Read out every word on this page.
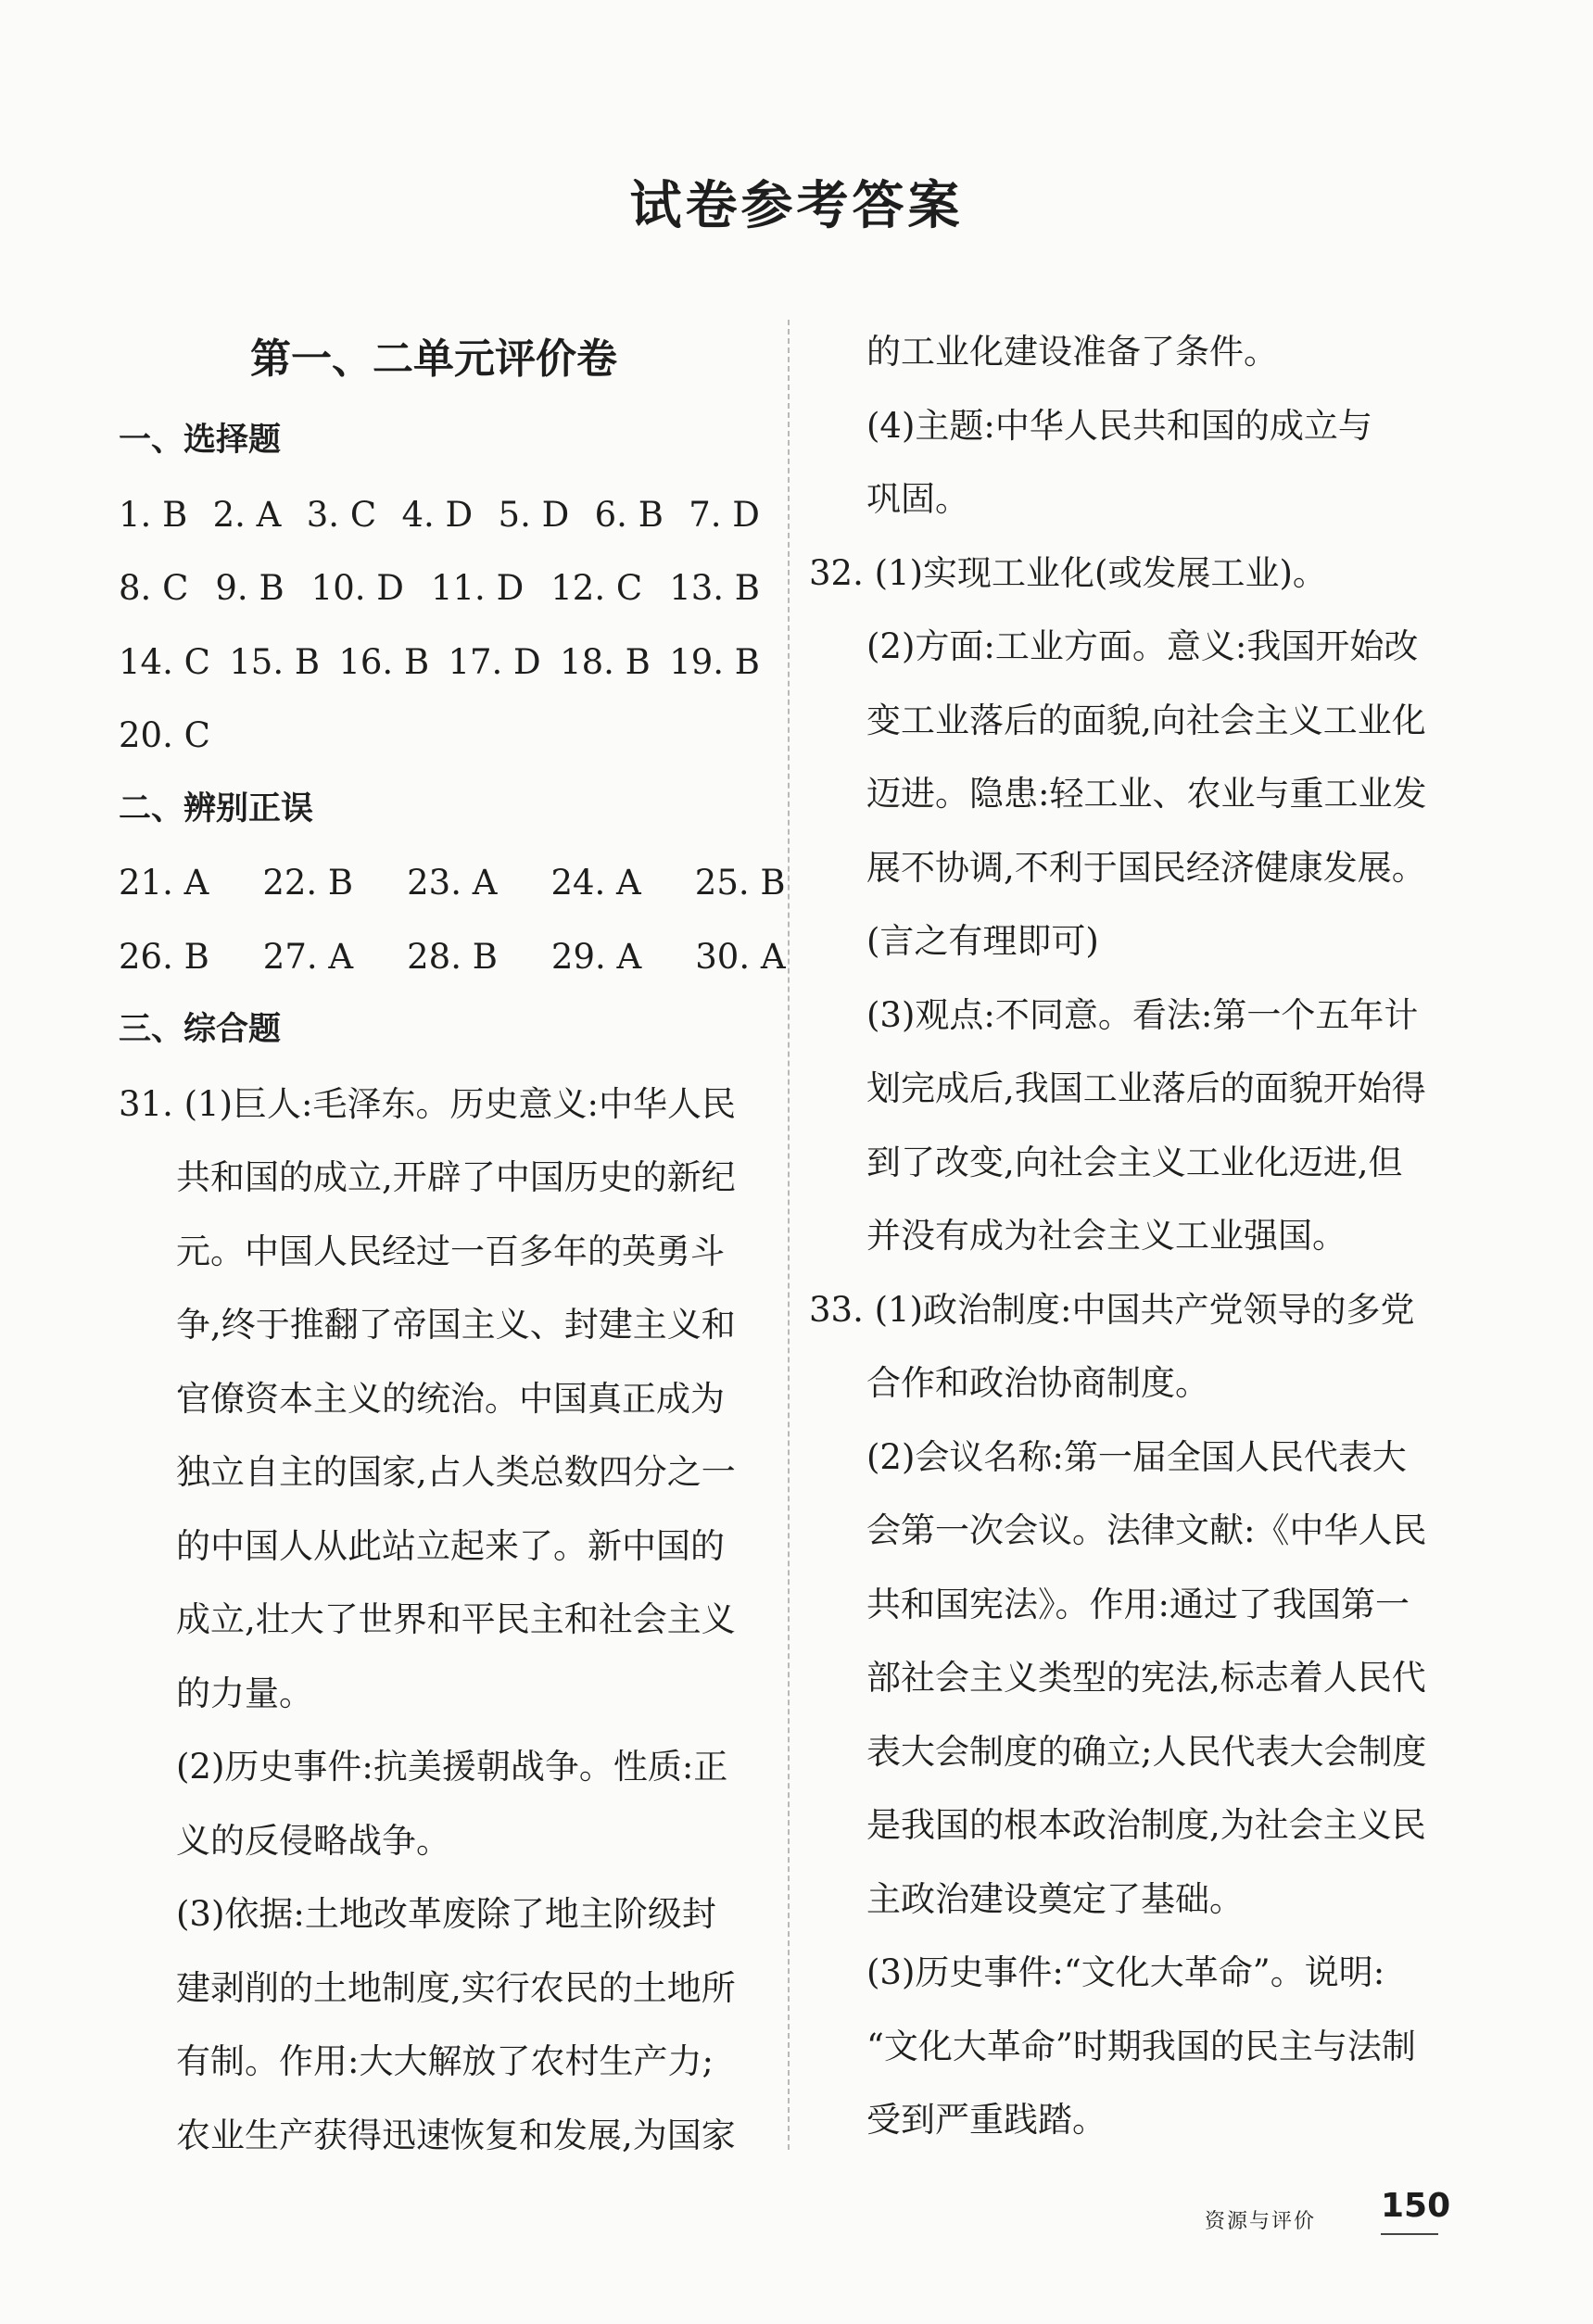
试卷参考答案
第一、二单元评价卷
一、选择题
1. B 2. A 3. C 4. D 5. D 6. B 7. D
8. C 9. B 10. D 11. D 12. C 13. B
14. C 15. B 16. B 17. D 18. B 19. B
20. C
二、辨别正误
21. A 22. B 23. A 24. A 25. B
26. B 27. A 28. B 29. A 30. A
三、综合题
31. (1)巨人:毛泽东。历史意义:中华人民
共和国的成立,开辟了中国历史的新纪
元。中国人民经过一百多年的英勇斗
争,终于推翻了帝国主义、封建主义和
官僚资本主义的统治。中国真正成为
独立自主的国家,占人类总数四分之一
的中国人从此站立起来了。新中国的
成立,壮大了世界和平民主和社会主义
的力量。
(2)历史事件:抗美援朝战争。性质:正
义的反侵略战争。
(3)依据:土地改革废除了地主阶级封
建剥削的土地制度,实行农民的土地所
有制。作用:大大解放了农村生产力;
农业生产获得迅速恢复和发展,为国家
的工业化建设准备了条件。
(4)主题:中华人民共和国的成立与
巩固。
32. (1)实现工业化(或发展工业)。
(2)方面:工业方面。意义:我国开始改
变工业落后的面貌,向社会主义工业化
迈进。隐患:轻工业、农业与重工业发
展不协调,不利于国民经济健康发展。
(言之有理即可)
(3)观点:不同意。看法:第一个五年计
划完成后,我国工业落后的面貌开始得
到了改变,向社会主义工业化迈进,但
并没有成为社会主义工业强国。
33. (1)政治制度:中国共产党领导的多党
合作和政治协商制度。
(2)会议名称:第一届全国人民代表大
会第一次会议。法律文献:《中华人民
共和国宪法》。作用:通过了我国第一
部社会主义类型的宪法,标志着人民代
表大会制度的确立;人民代表大会制度
是我国的根本政治制度,为社会主义民
主政治建设奠定了基础。
(3)历史事件:“文化大革命”。说明:
“文化大革命”时期我国的民主与法制
受到严重践踏。
资源与评价 150
